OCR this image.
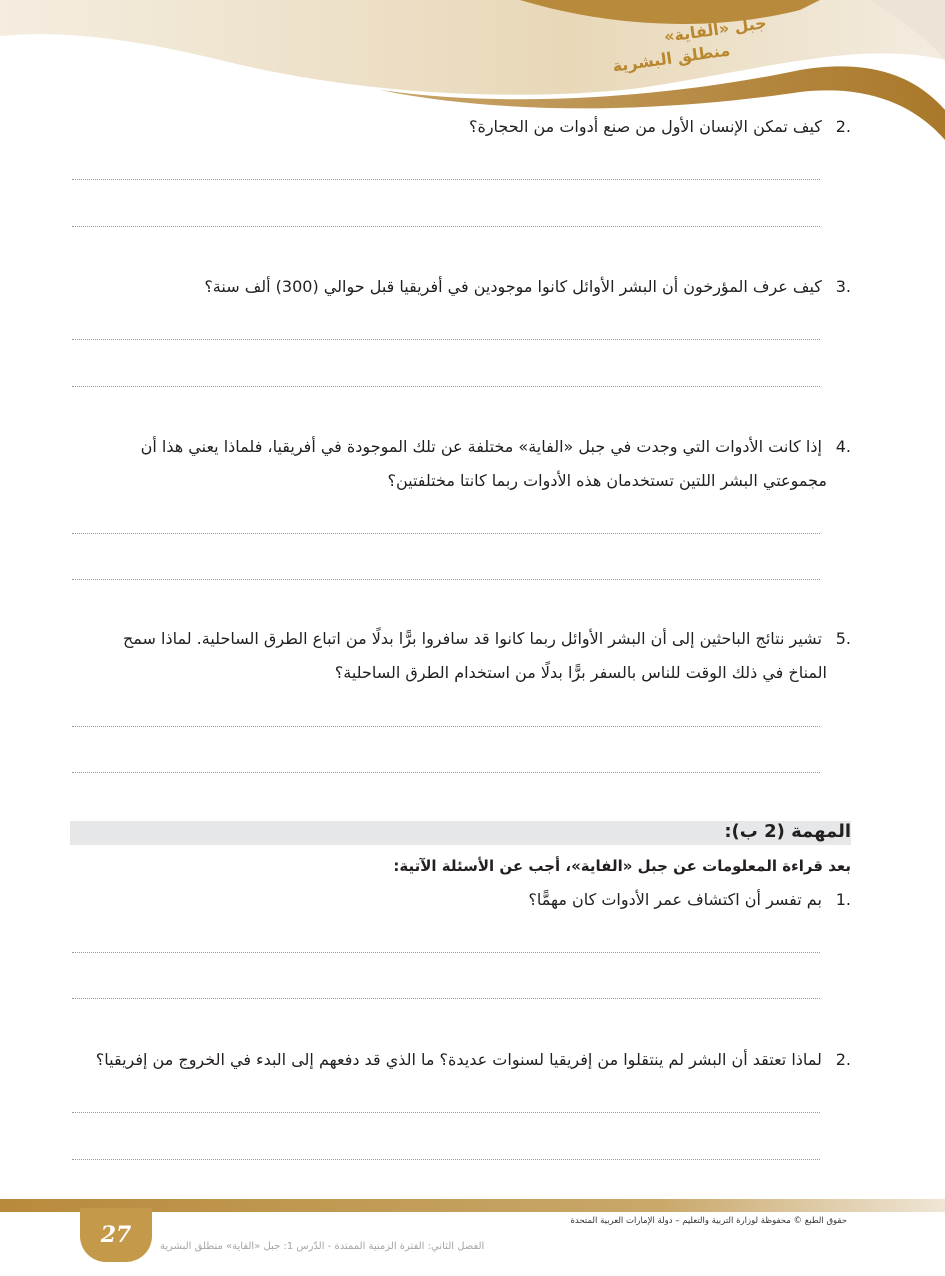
جبل «الفاية»
منطلق البشرية
.2 كيف تمكن الإنسان الأول من صنع أدوات من الحجارة؟
.3 كيف عرف المؤرخون أن البشر الأوائل كانوا موجودين في أفريقيا قبل حوالي (300) ألف سنة؟
.4 إذا كانت الأدوات التي وجدت في جبل «الفاية» مختلفة عن تلك الموجودة في أفريقيا، فلماذا يعني هذا أن
مجموعتي البشر اللتين تستخدمان هذه الأدوات ربما كانتا مختلفتين؟
.5 تشير نتائج الباحثين إلى أن البشر الأوائل ربما كانوا قد سافروا برًّا بدلًا من اتباع الطرق الساحلية. لماذا سمح
المناخ في ذلك الوقت للناس بالسفر برًّا بدلًا من استخدام الطرق الساحلية؟
المهمة (2 ب):
بعد قراءة المعلومات عن جبل «الفاية»، أجب عن الأسئلة الآتية:
.1 بم تفسر أن اكتشاف عمر الأدوات كان مهمًّا؟
.2 لماذا تعتقد أن البشر لم ينتقلوا من إفريقيا لسنوات عديدة؟ ما الذي قد دفعهم إلى البدء في الخروج من إفريقيا؟
27
حقوق الطبع © محفوظة لوزارة التربية والتعليم – دولة الإمارات العربية المتحدة
الفصل الثاني: الفترة الزمنية الممتدة - الدّرس 1: جبل «الفاية» منطلق البشرية
